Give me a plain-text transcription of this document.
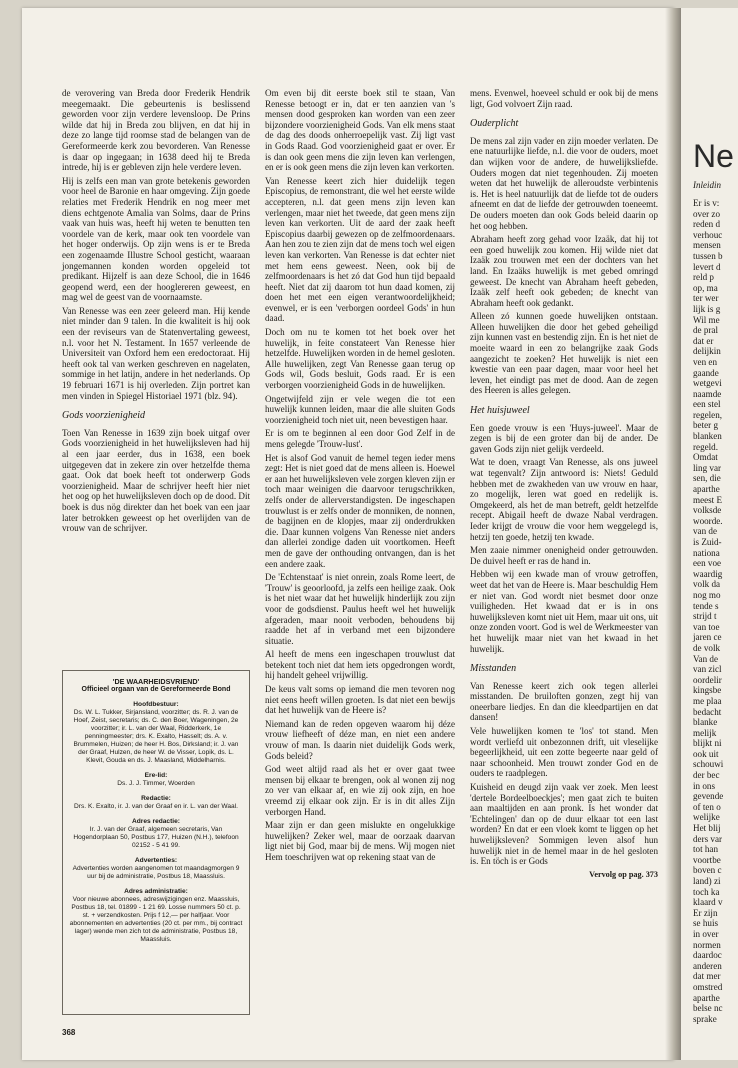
Ne
Inleidin
Er is v:
over zo
reden d
verhouc
mensen
tussen b
levert d
reld p
op, ma
ter wer
lijk is g
Wil me
de pral
dat er
delijkin
ven en
gaande
wetgevi
naamde
een stel
regelen,
beter g
blanken
regeld.
Omdat
ling var
sen, die
aparthe
meest E
volksde
woorde.
van de
is Zuid-
nationa
een voe
waardig
volk da
nog mo
tende s
strijd t
van toe
jaren ce
de volk
Van de
van zicl
oordelir
kingsbe
me plaa
bedacht
blanke
melijk
blijkt ni
ook uit
schouwi
der bec
in ons
gevende
of ten o
welijke
Het blij
ders var
tot han
voortbe
boven c
land) zi
toch ka
klaard v
Er zijn
se huis
in over
normen
daardoc
anderen
dat mer
omstred
aparthe
belse nc
sprake

de verovering van Breda door Frederik Hendrik meegemaakt. Die gebeurtenis is beslissend geworden voor zijn verdere levensloop. De Prins wilde dat hij in Breda zou blijven, en dat hij in deze zo lange tijd roomse stad de belangen van de Gereformeerde kerk zou bevorderen. Van Renesse is daar op ingegaan; in 1638 deed hij te Breda intrede, hij is er gebleven zijn hele verdere leven.

Hij is zelfs een man van grote betekenis geworden voor heel de Baronie en haar omgeving. Zijn goede relaties met Frederik Hendrik en nog meer met diens echtgenote Amalia van Solms, daar de Prins vaak van huis was, heeft hij weten te benutten ten voordele van de kerk, maar ook ten voordele van het hoger onderwijs. Op zijn wens is er te Breda een zogenaamde Illustre School gesticht, waaraan jongemannen konden worden opgeleid tot predikant. Hijzelf is aan deze School, die in 1646 geopend werd, een der hooglereren geweest, en mag wel de geest van de voornaamste.

Van Renesse was een zeer geleerd man. Hij kende niet minder dan 9 talen. In die kwaliteit is hij ook een der reviseurs van de Statenvertaling geweest, n.l. voor het N. Testament. In 1657 verleende de Universiteit van Oxford hem een eredoctoraat. Hij heeft ook tal van werken geschreven en nagelaten, sommige in het latijn, andere in het nederlands. Op 19 februari 1671 is hij overleden. Zijn portret kan men vinden in Spiegel Historiael 1971 (blz. 94).

Gods voorzienigheid

Toen Van Renesse in 1639 zijn boek uitgaf over Gods voorzienigheid in het huwelijksleven had hij al een jaar eerder, dus in 1638, een boek uitgegeven dat in zekere zin over hetzelfde thema gaat. Ook dat boek heeft tot onderwerp Gods voorzienigheid. Maar de schrijver heeft hier niet het oog op het huwelijksleven doch op de dood. Dit boek is dus nög direkter dan het boek van een jaar later betrokken geweest op het overlijden van de vrouw van de schrijver.

'DE WAARHEIDSVRIEND'
Officieel orgaan van de Gereformeerde Bond
Hoofdbestuur:
Ds. W. L. Tukker, Sirjansland, voorzitter; ds. R. J. van de Hoef, Zeist, secretaris; ds. C. den Boer, Wageningen, 2e voorzitter; ir. L. van der Waal, Ridderkerk, 1e penningmeester; drs. K. Exalto, Hasselt; ds. A. v. Brummelen, Huizen; de heer H. Bos, Dirksland; ir. J. van der Graaf, Hulzen, de heer W. de Visser, Lopik, ds. L. Klevit, Gouda en ds. J. Maasland, Middelharnis.
Ere-lid:
Ds. J. J. Timmer, Woerden
Redactie:
Drs. K. Exalto, ir. J. van der Graaf en ir. L. van der Waal.
Adres redactie:
Ir. J. van der Graaf, algemeen secretaris, Van Hogendorplaan 50, Postbus 177, Huizen (N.H.), telefoon 02152 - 5 41 99.
Advertenties:
Advertenties worden aangenomen tot maandagmorgen 9 uur bij de administratie, Postbus 18, Maassluis.
Adres administratie:
Voor nieuwe abonnees, adreswijzigingen enz. Maassluis, Postbus 18, tel. 01899 - 1 21 69. Losse nummers 50 ct. p. st. + verzendkosten. Prijs f 12,— per halfjaar. Voor abonnementen en advertenties (20 ct. per mm., bij contract lager) wende men zich tot de administratie, Postbus 18, Maassluis.
368

Om even bij dit eerste boek stil te staan, Van Renesse betoogt er in, dat er ten aanzien van 's mensen dood gesproken kan worden van een zeer bijzondere voorzienigheid Gods. Van elk mens staat de dag des doods onherroepelijk vast. Zij ligt vast in Gods Raad. God voorzienigheid gaat er over. Er is dan ook geen mens die zijn leven kan verlengen, en er is ook geen mens die zijn leven kan verkorten.

Van Renesse keert zich hier duidelijk tegen Episcopius, de remonstrant, die wel het eerste wilde accepteren, n.l. dat geen mens zijn leven kan verlengen, maar niet het tweede, dat geen mens zijn leven kan verkorten. Uit de aard der zaak heeft Episcopius daarbij gewezen op de zelfmoordenaars. Aan hen zou te zien zijn dat de mens toch wel eigen leven kan verkorten. Van Renesse is dat echter niet met hem eens geweest. Neen, ook bij de zelfmoordenaars is het zó dat God hun tijd bepaald heeft. Niet dat zij daarom tot hun daad komen, zij doen het met een eigen verantwoordelijkheid; evenwel, er is een 'verborgen oordeel Gods' in hun daad.

Doch om nu te komen tot het boek over het huwelijk, in feite constateert Van Renesse hier hetzelfde. Huwelijken worden in de hemel gesloten. Alle huwelijken, zegt Van Renesse gaan terug op Gods wil, Gods besluit, Gods raad. Er is een verborgen voorzienigheid Gods in de huwelijken.

Ongetwijfeld zijn er vele wegen die tot een huwelijk kunnen leiden, maar die alle sluiten Gods voorzienigheid toch niet uit, neen bevestigen haar.

Er is om te beginnen al een door God Zelf in de mens gelegde 'Trouw-lust'.

Het is alsof God vanuit de hemel tegen ieder mens zegt: Het is niet goed dat de mens alleen is. Hoewel er aan het huwelijksleven vele zorgen kleven zijn er toch maar weinigen die daarvoor terugschrikken, zelfs onder de allerverstandigsten. De ingeschapen trouwlust is er zelfs onder de monniken, de nonnen, de bagijnen en de klopjes, maar zij onderdrukken die. Daar kunnen volgens Van Renesse niet anders dan allerlei zondige daden uit voortkomen. Heeft men de gave der onthouding ontvangen, dan is het een andere zaak.

De 'Echtenstaat' is niet onrein, zoals Rome leert, de 'Trouw' is geoorloofd, ja zelfs een heilige zaak. Ook is het niet waar dat het huwelijk hinderlijk zou zijn voor de godsdienst. Paulus heeft wel het huwelijk afgeraden, maar nooit verboden, behoudens bij raadde het af in verband met een bijzondere situatie.

Al heeft de mens een ingeschapen trouwlust dat betekent toch niet dat hem iets opgedrongen wordt, hij handelt geheel vrijwillig.

De keus valt soms op iemand die men tevoren nog niet eens heeft willen groeten. Is dat niet een bewijs dat het huwelijk van de Heere is?

Niemand kan de reden opgeven waarom hij déze vrouw liefheeft of déze man, en niet een andere vrouw of man. Is daarin niet duidelijk Gods werk, Gods beleid?

God weet altijd raad als het er over gaat twee mensen bij elkaar te brengen, ook al wonen zij nog zo ver van elkaar af, en wie zij ook zijn, en hoe vreemd zij elkaar ook zijn. Er is in dit alles Zijn verborgen Hand.

Maar zijn er dan geen mislukte en ongelukkige huwelijken? Zeker wel, maar de oorzaak daarvan ligt niet bij God, maar bij de mens. Wij mogen niet Hem toeschrijven wat op rekening staat van de

mens. Evenwel, hoeveel schuld er ook bij de mens ligt, God volvoert Zijn raad.

Ouderplicht

De mens zal zijn vader en zijn moeder verlaten. De ene natuurlijke liefde, n.l. die voor de ouders, moet dan wijken voor de andere, de huwelijksliefde. Ouders mogen dat niet tegenhouden. Zij moeten weten dat het huwelijk de alleroudste verbintenis is. Het is heel natuurlijk dat de liefde tot de ouders afneemt en dat de liefde der getrouwden toeneemt. De ouders moeten dan ook Gods beleid daarin op het oog hebben.

Abraham heeft zorg gehad voor Izaäk, dat hij tot een goed huwelijk zou komen. Hij wilde niet dat Izaäk zou trouwen met een der dochters van het land. En Izaäks huwelijk is met gebed omringd geweest. De knecht van Abraham heeft gebeden, Izaäk zelf heeft ook gebeden; de knecht van Abraham heeft ook gedankt.

Alleen zó kunnen goede huwelijken ontstaan. Alleen huwelijken die door het gebed geheiligd zijn kunnen vast en bestendig zijn. En is het niet de moeite waard in een zo belangrijke zaak Gods aangezicht te zoeken? Het huwelijk is niet een kwestie van een paar dagen, maar voor heel het leven, het eindigt pas met de dood. Aan de zegen des Heeren is alles gelegen.

Het huisjuweel

Een goede vrouw is een 'Huys-juweel'. Maar de zegen is bij de een groter dan bij de ander. De gaven Gods zijn niet gelijk verdeeld.

Wat te doen, vraagt Van Renesse, als ons juweel wat tegenvalt? Zijn antwoord is: Niets! Geduld hebben met de zwakheden van uw vrouw en haar, zo mogelijk, leren wat goed en redelijk is. Omgekeerd, als het de man betreft, geldt hetzelfde recept. Abigail heeft de dwaze Nabal verdragen. Ieder krijgt de vrouw die voor hem weggelegd is, hetzij ten goede, hetzij ten kwade.

Men zaaie nimmer onenigheid onder getrouwden. De duivel heeft er ras de hand in.

Hebben wij een kwade man of vrouw getroffen, weet dat het van de Heere is. Maar beschuldig Hem er niet van. God wordt niet besmet door onze vuiligheden. Het kwaad dat er is in ons huwelijksleven komt niet uit Hem, maar uit ons, uit onze zonden voort. God is wel de Werkmeester van het huwelijk maar niet van het kwaad in het huwelijk.

Misstanden

Van Renesse keert zich ook tegen allerlei misstanden. De bruiloften gonzen, zegt hij van oneerbare liedjes. En dan die kleedpartijen en dat dansen!

Vele huwelijken komen te 'los' tot stand. Men wordt verliefd uit onbezonnen drift, uit vleselijke begeerlijkheid, uit een zotte begeerte naar geld of naar schoonheid. Men trouwt zonder God en de ouders te raadplegen.

Kuisheid en deugd zijn vaak ver zoek. Men leest 'dertele Bordeelboeckjes'; men gaat zich te buiten aan maaltijden en aan pronk. Is het wonder dat 'Echtelingen' dan op de duur elkaar tot een last worden? En dat er een vloek komt te liggen op het huwelijksleven? Sommigen leven alsof hun huwelijk niet in de hemel maar in de hel gesloten is. En töch is er Gods

Vervolg op pag. 373
